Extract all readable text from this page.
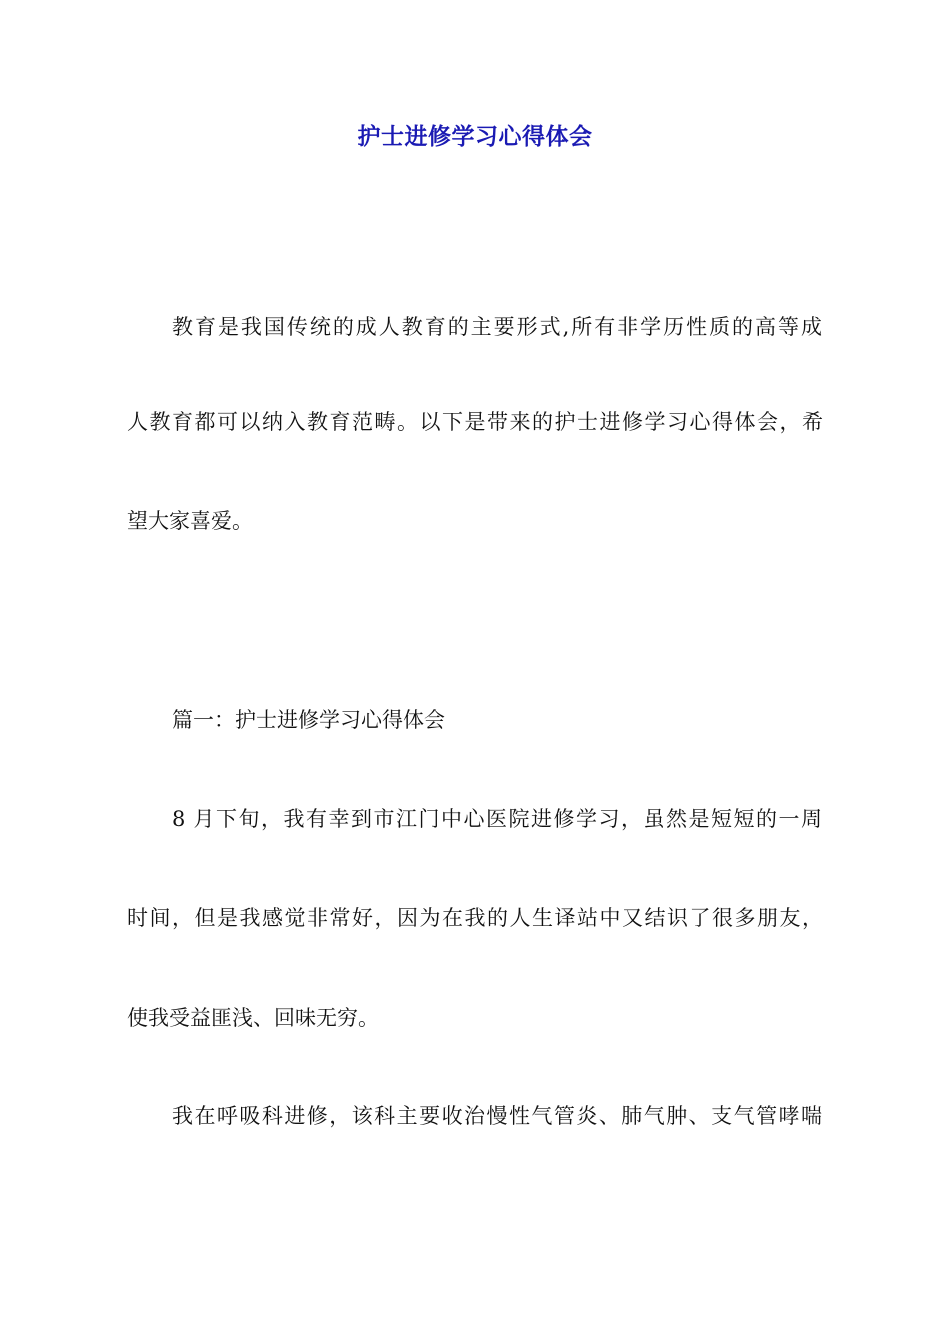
护士进修学习心得体会
教育是我国传统的成人教育的主要形式,所有非学历性质的高等成
人教育都可以纳入教育范畴。以下是带来的护士进修学习心得体会，希
望大家喜爱。
篇一：护士进修学习心得体会
8 月下旬，我有幸到市江门中心医院进修学习，虽然是短短的一周
时间，但是我感觉非常好，因为在我的人生译站中又结识了很多朋友，
使我受益匪浅、回味无穷。
我在呼吸科进修，该科主要收治慢性气管炎、肺气肿、支气管哮喘
